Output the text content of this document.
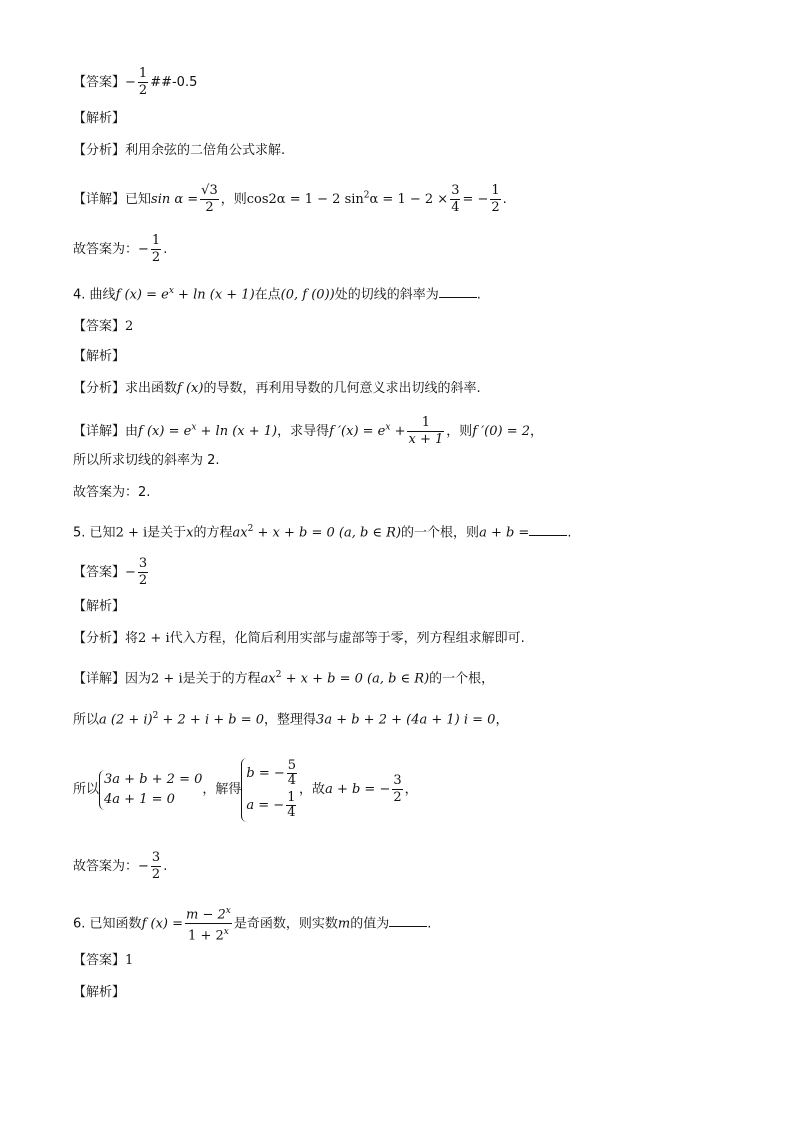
【答案】− $\frac{1}{2}$ ##-0.5
【解析】
【分析】利用余弦的二倍角公式求解.
【详解】已知$\sin \alpha = \frac{√3}{2}$ ，则cos2α = 1 − 2 $\sin^2\alpha = 1 - 2 \times \frac{3}{4}$ = − $\frac{1}{2}$ .
故答案为：− $\frac{1}{2}$ .
4. 曲线f $(x) = e^x + \ln (x + 1)$在点(0, f (0))处的切线的斜率为	.
【答案】2
【解析】
【分析】求出函数f (x)的导数，再利用导数的几何意义求出切线的斜率.
【详解】由f $(x) = e^x + \ln (x + 1)$，求导得f $'(x) = e^x + \frac{1}{x + 1}$ ，则f ′(0) = 2，
所以所求切线的斜率为 2.
故答案为：2.
5. 已知2 + i是关于x的方程$ax^2 + x + b = 0$ (a, b ∈ R)的一个根，则a + b =	.
【答案】− $\frac{3}{2}$
【解析】
【分析】将2 + i代入方程，化简后利用实部与虚部等于零，列方程组求解即可.
【详解】因为2 + i是关于的方程$ax^2 + x + b = 0$ (a, b ∈ R)的一个根，
所以a $(2 + i)^2 + 2 + i + b = 0$，整理得3a + b + 2 + (4a + 1) i = 0，
所以
3a + b + 2 = 0
4a + 1 = 0
，解得
b = − $\frac{5}{4}$
a = − $\frac{1}{4}$
，故a + b = − $\frac{3}{2}$ ，
故答案为：− $\frac{3}{2}$ .
6. 已知函数f $(x) = \frac{m - 2^x}{1 + 2^x}$ 是奇函数，则实数m的值为	.
【答案】1
【解析】
